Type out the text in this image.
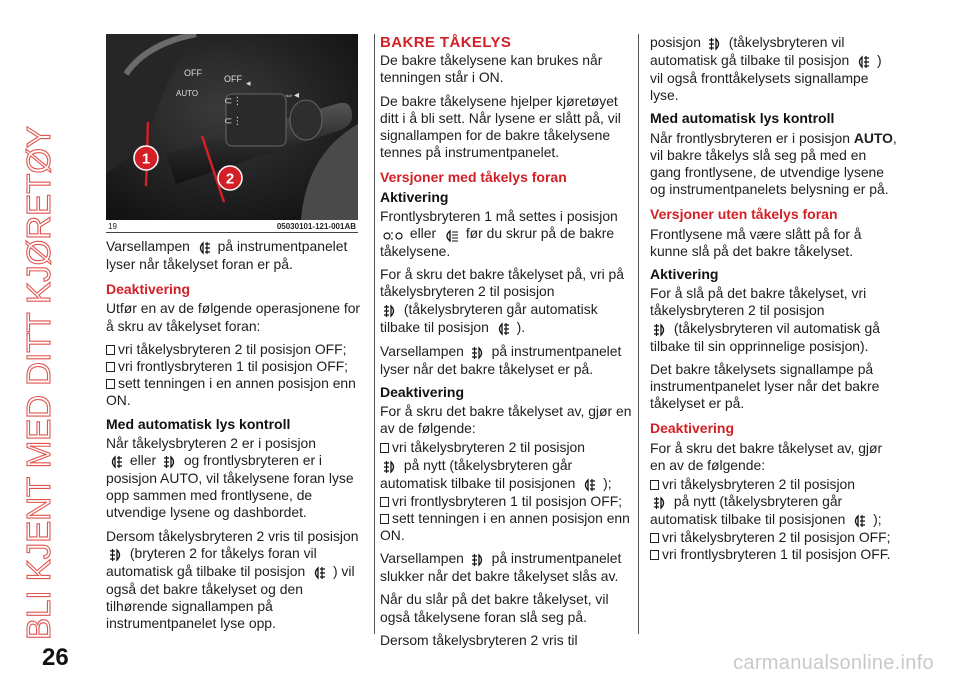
BLI KJENT MED DITT KJØRETØY
OFF
OFF
AUTO
◂
⇔◂
⊂⋮
⊂⋮
1
2
19	05030101-121-001AB

Varsellampen på instrumentpanelet lyser når tåkelyset foran er på.

Deaktivering

Utfør en av de følgende operasjonene for å skru av tåkelyset foran:

vri tåkelysbryteren 2 til posisjon OFF;

vri frontlysbryteren 1 til posisjon OFF;

sett tenningen i en annen posisjon enn ON.

Med automatisk lys kontroll

Når tåkelysbryteren 2 er i posisjon

eller og frontlysbryteren er i posisjon AUTO, vil tåkelysene foran lyse opp sammen med frontlysene, de utvendige lysene og dashbordet.

Dersom tåkelysbryteren 2 vris til posisjon
(bryteren 2 for tåkelys foran vil automatisk gå tilbake til posisjon ) vil også det bakre tåkelyset og den tilhørende signallampen på instrumentpanelet lyse opp.

BAKRE TÅKELYS

De bakre tåkelysene kan brukes når tenningen står i ON.

De bakre tåkelysene hjelper kjøretøyet ditt i å bli sett. Når lysene er slått på, vil signallampen for de bakre tåkelysene tennes på instrumentpanelet.

Versjoner med tåkelys foran
Aktivering

Frontlysbryteren 1 må settes i posisjon

eller før du skrur på de bakre tåkelysene.

For å skru det bakre tåkelyset på, vri på tåkelysbryteren 2 til posisjon

(tåkelysbryteren går automatisk tilbake til posisjon ).

Varsellampen på instrumentpanelet lyser når det bakre tåkelyset er på.

Deaktivering

For å skru det bakre tåkelyset av, gjør en av de følgende:

vri tåkelysbryteren 2 til posisjon

på nytt (tåkelysbryteren går automatisk tilbake til posisjonen );

vri frontlysbryteren 1 til posisjon OFF;

sett tenningen i en annen posisjon enn ON.

Varsellampen på instrumentpanelet slukker når det bakre tåkelyset slås av.

Når du slår på det bakre tåkelyset, vil også tåkelysene foran slå seg på.

Dersom tåkelysbryteren 2 vris til

posisjon (tåkelysbryteren vil automatisk gå tilbake til posisjon ) vil også fronttåkelysets signallampe lyse.

Med automatisk lys kontroll

Når frontlysbryteren er i posisjon AUTO, vil bakre tåkelys slå seg på med en gang frontlysene, de utvendige lysene og instrumentpanelets belysning er på.

Versjoner uten tåkelys foran

Frontlysene må være slått på for å kunne slå på det bakre tåkelyset.

Aktivering

For å slå på det bakre tåkelyset, vri tåkelysbryteren 2 til posisjon

(tåkelysbryteren vil automatisk gå tilbake til sin opprinnelige posisjon).

Det bakre tåkelysets signallampe på instrumentpanelet lyser når det bakre tåkelyset er på.

Deaktivering

For å skru det bakre tåkelyset av, gjør en av de følgende:

vri tåkelysbryteren 2 til posisjon

på nytt (tåkelysbryteren går automatisk tilbake til posisjonen );

vri tåkelysbryteren 2 til posisjon OFF;

vri frontlysbryteren 1 til posisjon OFF.

26	carmanualsonline.info
